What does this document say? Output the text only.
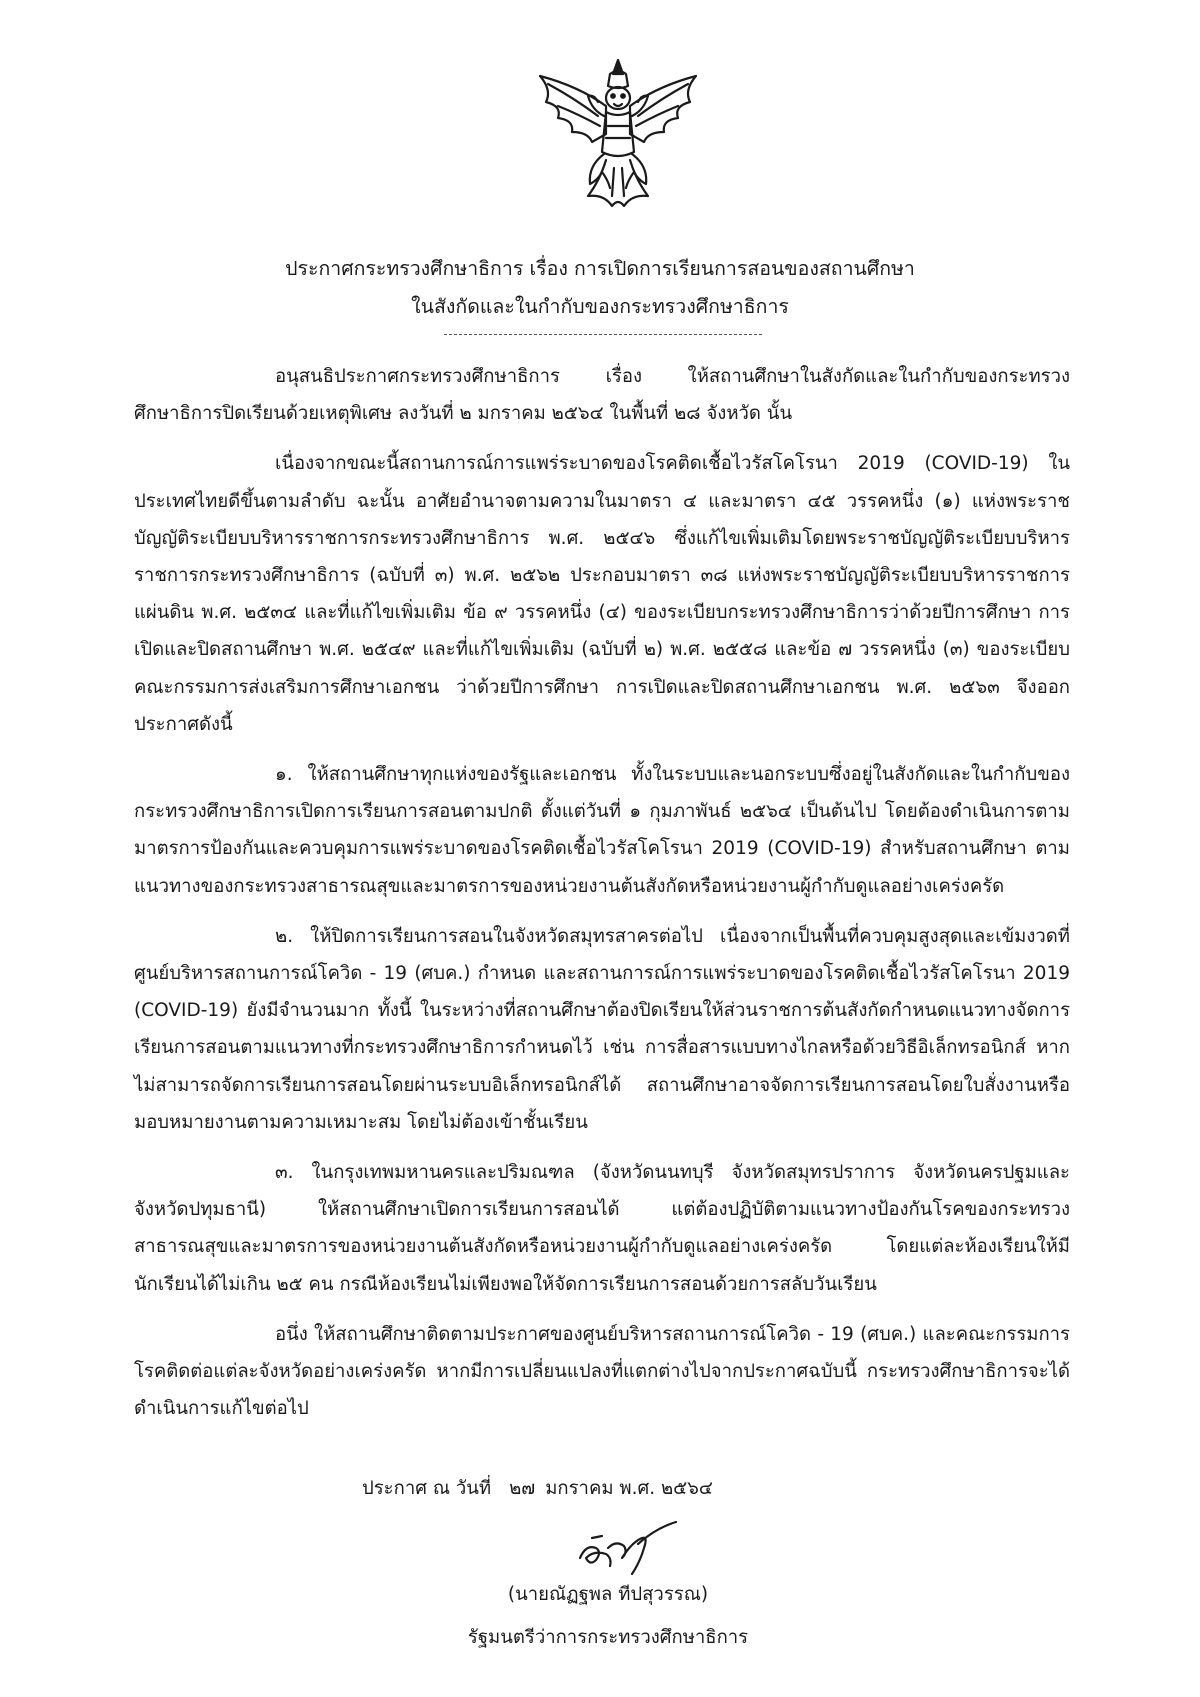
ประกาศกระทรวงศึกษาธิการ เรื่อง การเปิดการเรียนการสอนของสถานศึกษา
ในสังกัดและในกำกับของกระทรวงศึกษาธิการ

อนุสนธิประกาศกระทรวงศึกษาธิการ เรื่อง ให้สถานศึกษาในสังกัดและในกำกับของกระทรวงศึกษาธิการปิดเรียนด้วยเหตุพิเศษ ลงวันที่ ๒ มกราคม ๒๕๖๔ ในพื้นที่ ๒๘ จังหวัด นั้น

เนื่องจากขณะนี้สถานการณ์การแพร่ระบาดของโรคติดเชื้อไวรัสโคโรนา 2019 (COVID-19) ในประเทศไทยดีขึ้นตามลำดับ ฉะนั้น อาศัยอำนาจตามความในมาตรา ๔ และมาตรา ๔๕ วรรคหนึ่ง (๑) แห่งพระราชบัญญัติระเบียบบริหารราชการกระทรวงศึกษาธิการ พ.ศ. ๒๕๔๖ ซึ่งแก้ไขเพิ่มเติมโดยพระราชบัญญัติระเบียบบริหารราชการกระทรวงศึกษาธิการ (ฉบับที่ ๓) พ.ศ. ๒๕๖๒ ประกอบมาตรา ๓๘ แห่งพระราชบัญญัติระเบียบบริหารราชการแผ่นดิน พ.ศ. ๒๕๓๔ และที่แก้ไขเพิ่มเติม ข้อ ๙ วรรคหนึ่ง (๔) ของระเบียบกระทรวงศึกษาธิการว่าด้วยปีการศึกษา การเปิดและปิดสถานศึกษา พ.ศ. ๒๕๔๙ และที่แก้ไขเพิ่มเติม (ฉบับที่ ๒) พ.ศ. ๒๕๕๘ และข้อ ๗ วรรคหนึ่ง (๓) ของระเบียบคณะกรรมการส่งเสริมการศึกษาเอกชน ว่าด้วยปีการศึกษา การเปิดและปิดสถานศึกษาเอกชน พ.ศ. ๒๕๖๓ จึงออกประกาศดังนี้

๑. ให้สถานศึกษาทุกแห่งของรัฐและเอกชน ทั้งในระบบและนอกระบบซึ่งอยู่ในสังกัดและในกำกับของกระทรวงศึกษาธิการเปิดการเรียนการสอนตามปกติ ตั้งแต่วันที่ ๑ กุมภาพันธ์ ๒๕๖๔ เป็นต้นไป โดยต้องดำเนินการตามมาตรการป้องกันและควบคุมการแพร่ระบาดของโรคติดเชื้อไวรัสโคโรนา 2019 (COVID-19) สำหรับสถานศึกษา ตามแนวทางของกระทรวงสาธารณสุขและมาตรการของหน่วยงานต้นสังกัดหรือหน่วยงานผู้กำกับดูแลอย่างเคร่งครัด

๒. ให้ปิดการเรียนการสอนในจังหวัดสมุทรสาครต่อไป เนื่องจากเป็นพื้นที่ควบคุมสูงสุดและเข้มงวดที่ศูนย์บริหารสถานการณ์โควิด - 19 (ศบค.) กำหนด และสถานการณ์การแพร่ระบาดของโรคติดเชื้อไวรัสโคโรนา 2019 (COVID-19) ยังมีจำนวนมาก ทั้งนี้ ในระหว่างที่สถานศึกษาต้องปิดเรียนให้ส่วนราชการต้นสังกัดกำหนดแนวทางจัดการเรียนการสอนตามแนวทางที่กระทรวงศึกษาธิการกำหนดไว้ เช่น การสื่อสารแบบทางไกลหรือด้วยวิธีอิเล็กทรอนิกส์ หากไม่สามารถจัดการเรียนการสอนโดยผ่านระบบอิเล็กทรอนิกส์ได้ สถานศึกษาอาจจัดการเรียนการสอนโดยใบสั่งงานหรือมอบหมายงานตามความเหมาะสม โดยไม่ต้องเข้าชั้นเรียน

๓. ในกรุงเทพมหานครและปริมณฑล (จังหวัดนนทบุรี จังหวัดสมุทรปราการ จังหวัดนครปฐมและจังหวัดปทุมธานี) ให้สถานศึกษาเปิดการเรียนการสอนได้ แต่ต้องปฏิบัติตามแนวทางป้องกันโรคของกระทรวงสาธารณสุขและมาตรการของหน่วยงานต้นสังกัดหรือหน่วยงานผู้กำกับดูแลอย่างเคร่งครัด โดยแต่ละห้องเรียนให้มีนักเรียนได้ไม่เกิน ๒๕ คน กรณีห้องเรียนไม่เพียงพอให้จัดการเรียนการสอนด้วยการสลับวันเรียน

อนึ่ง ให้สถานศึกษาติดตามประกาศของศูนย์บริหารสถานการณ์โควิด - 19 (ศบค.) และคณะกรรมการโรคติดต่อแต่ละจังหวัดอย่างเคร่งครัด หากมีการเปลี่ยนแปลงที่แตกต่างไปจากประกาศฉบับนี้ กระทรวงศึกษาธิการจะได้ดำเนินการแก้ไขต่อไป

ประกาศ ณ วันที่ ๒๗ มกราคม พ.ศ. ๒๕๖๔
(นายณัฏฐพล ทีปสุวรรณ)
รัฐมนตรีว่าการกระทรวงศึกษาธิการ
